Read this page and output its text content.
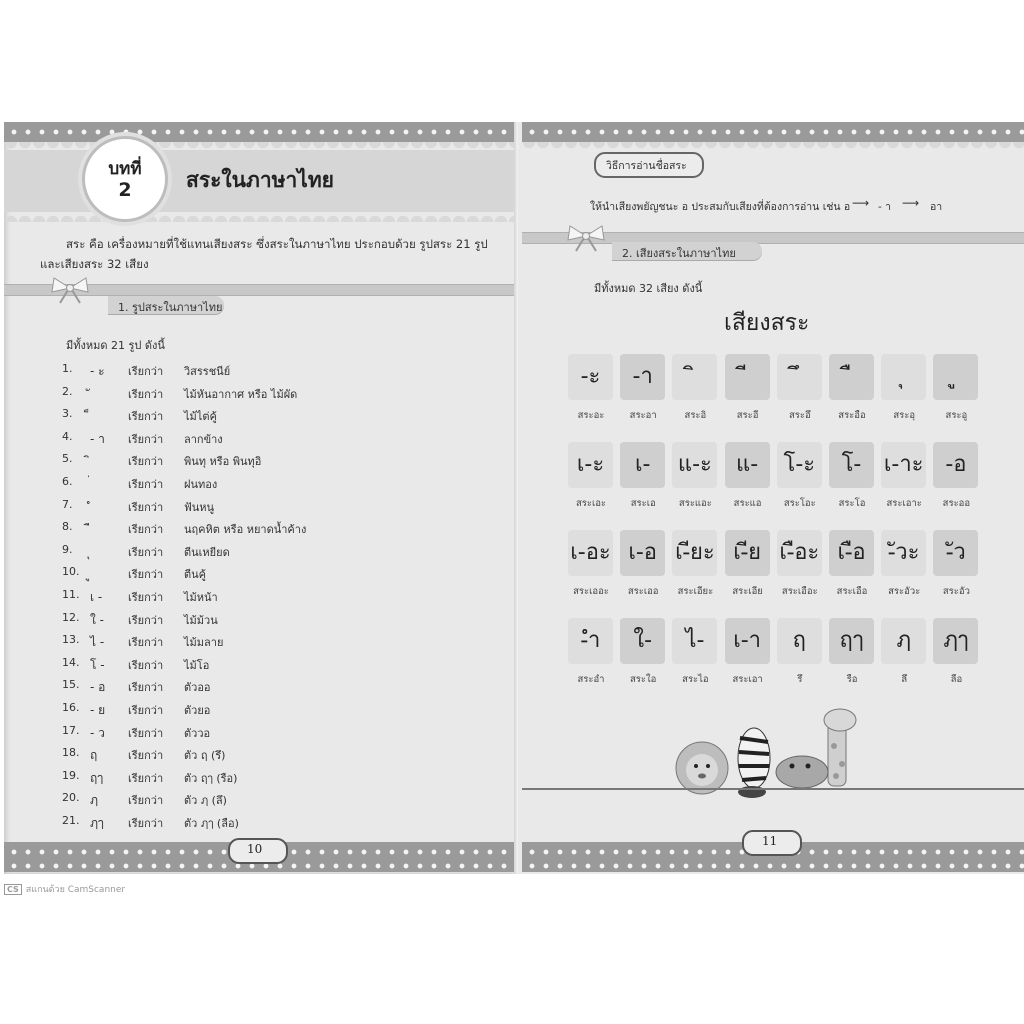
บทที่
2	สระในภาษาไทย
สระ คือ เครื่องหมายที่ใช้แทนเสียงสระ ซึ่งสระในภาษาไทย ประกอบด้วย รูปสระ 21 รูป
และเสียงสระ 32 เสียง
1. รูปสระในภาษาไทย
มีทั้งหมด 21 รูป ดังนี้
1. - ะ เรียกว่า วิสรรชนีย์
2.	เรียกว่า ไม้หันอากาศ หรือ ไม้ผัด
3.	เรียกว่า ไม้ไต่คู้
4. - า เรียกว่า ลากข้าง
5.	เรียกว่า พินทุ หรือ พินทุอิ
6.	เรียกว่า ฝนทอง
7.	เรียกว่า ฟันหนู
8.	เรียกว่า นฤคหิต หรือ หยาดน้ำค้าง
9.	เรียกว่า ตีนเหยียด
10.	เรียกว่า ตีนคู้
11. เ - เรียกว่า ไม้หน้า
12. ใ - เรียกว่า ไม้ม้วน
13. ไ - เรียกว่า ไม้มลาย
14. โ - เรียกว่า ไม้โอ
15. - อ เรียกว่า ตัวออ
16. - ย เรียกว่า ตัวยอ
17. - ว เรียกว่า ตัววอ
18. ฤ	เรียกว่า ตัว ฤ (รึ)
19. ฤๅ เรียกว่า ตัว ฤๅ (รือ)
20. ฦ	เรียกว่า ตัว ฦ (ลึ)
21. ฦๅ เรียกว่า ตัว ฦๅ (ลือ)
10
วิธีการอ่านชื่อสระ
ให้นำเสียงพยัญชนะ อ ประสมกับเสียงที่ต้องการอ่าน เช่น อ ⟶ - า ⟶ อา
2. เสียงสระในภาษาไทย
มีทั้งหมด 32 เสียง ดังนี้
เสียงสระ
-ะ
สระอะ
-า
สระอา	สระอิ	สระอี	สระอึ	สระอือ	สระอุ	สระอู
เ-ะ
สระเอะ
เ-
สระเอ
แ-ะ
สระแอะ
แ-
สระแอ
โ-ะ
สระโอะ
โ-
สระโอ
เ-าะ
สระเอาะ
-อ
สระออ
เ-อะ
สระเออะ
เ-อ
สระเออ
เ-ียะ
สระเอียะ
เ-ีย
สระเอีย
เ-ือะ
สระเอือะ
เ-ือ
สระเอือ
-ัวะ
สระอัวะ
-ัว
สระอัว
-ำ
สระอำ
ใ-
สระใอ
ไ-
สระไอ
เ-า
สระเอา
ฤ
รึ
ฤๅ
รือ
ฦ
ลึ
ฦๅ
ลือ
11
CS สแกนด้วย CamScanner
